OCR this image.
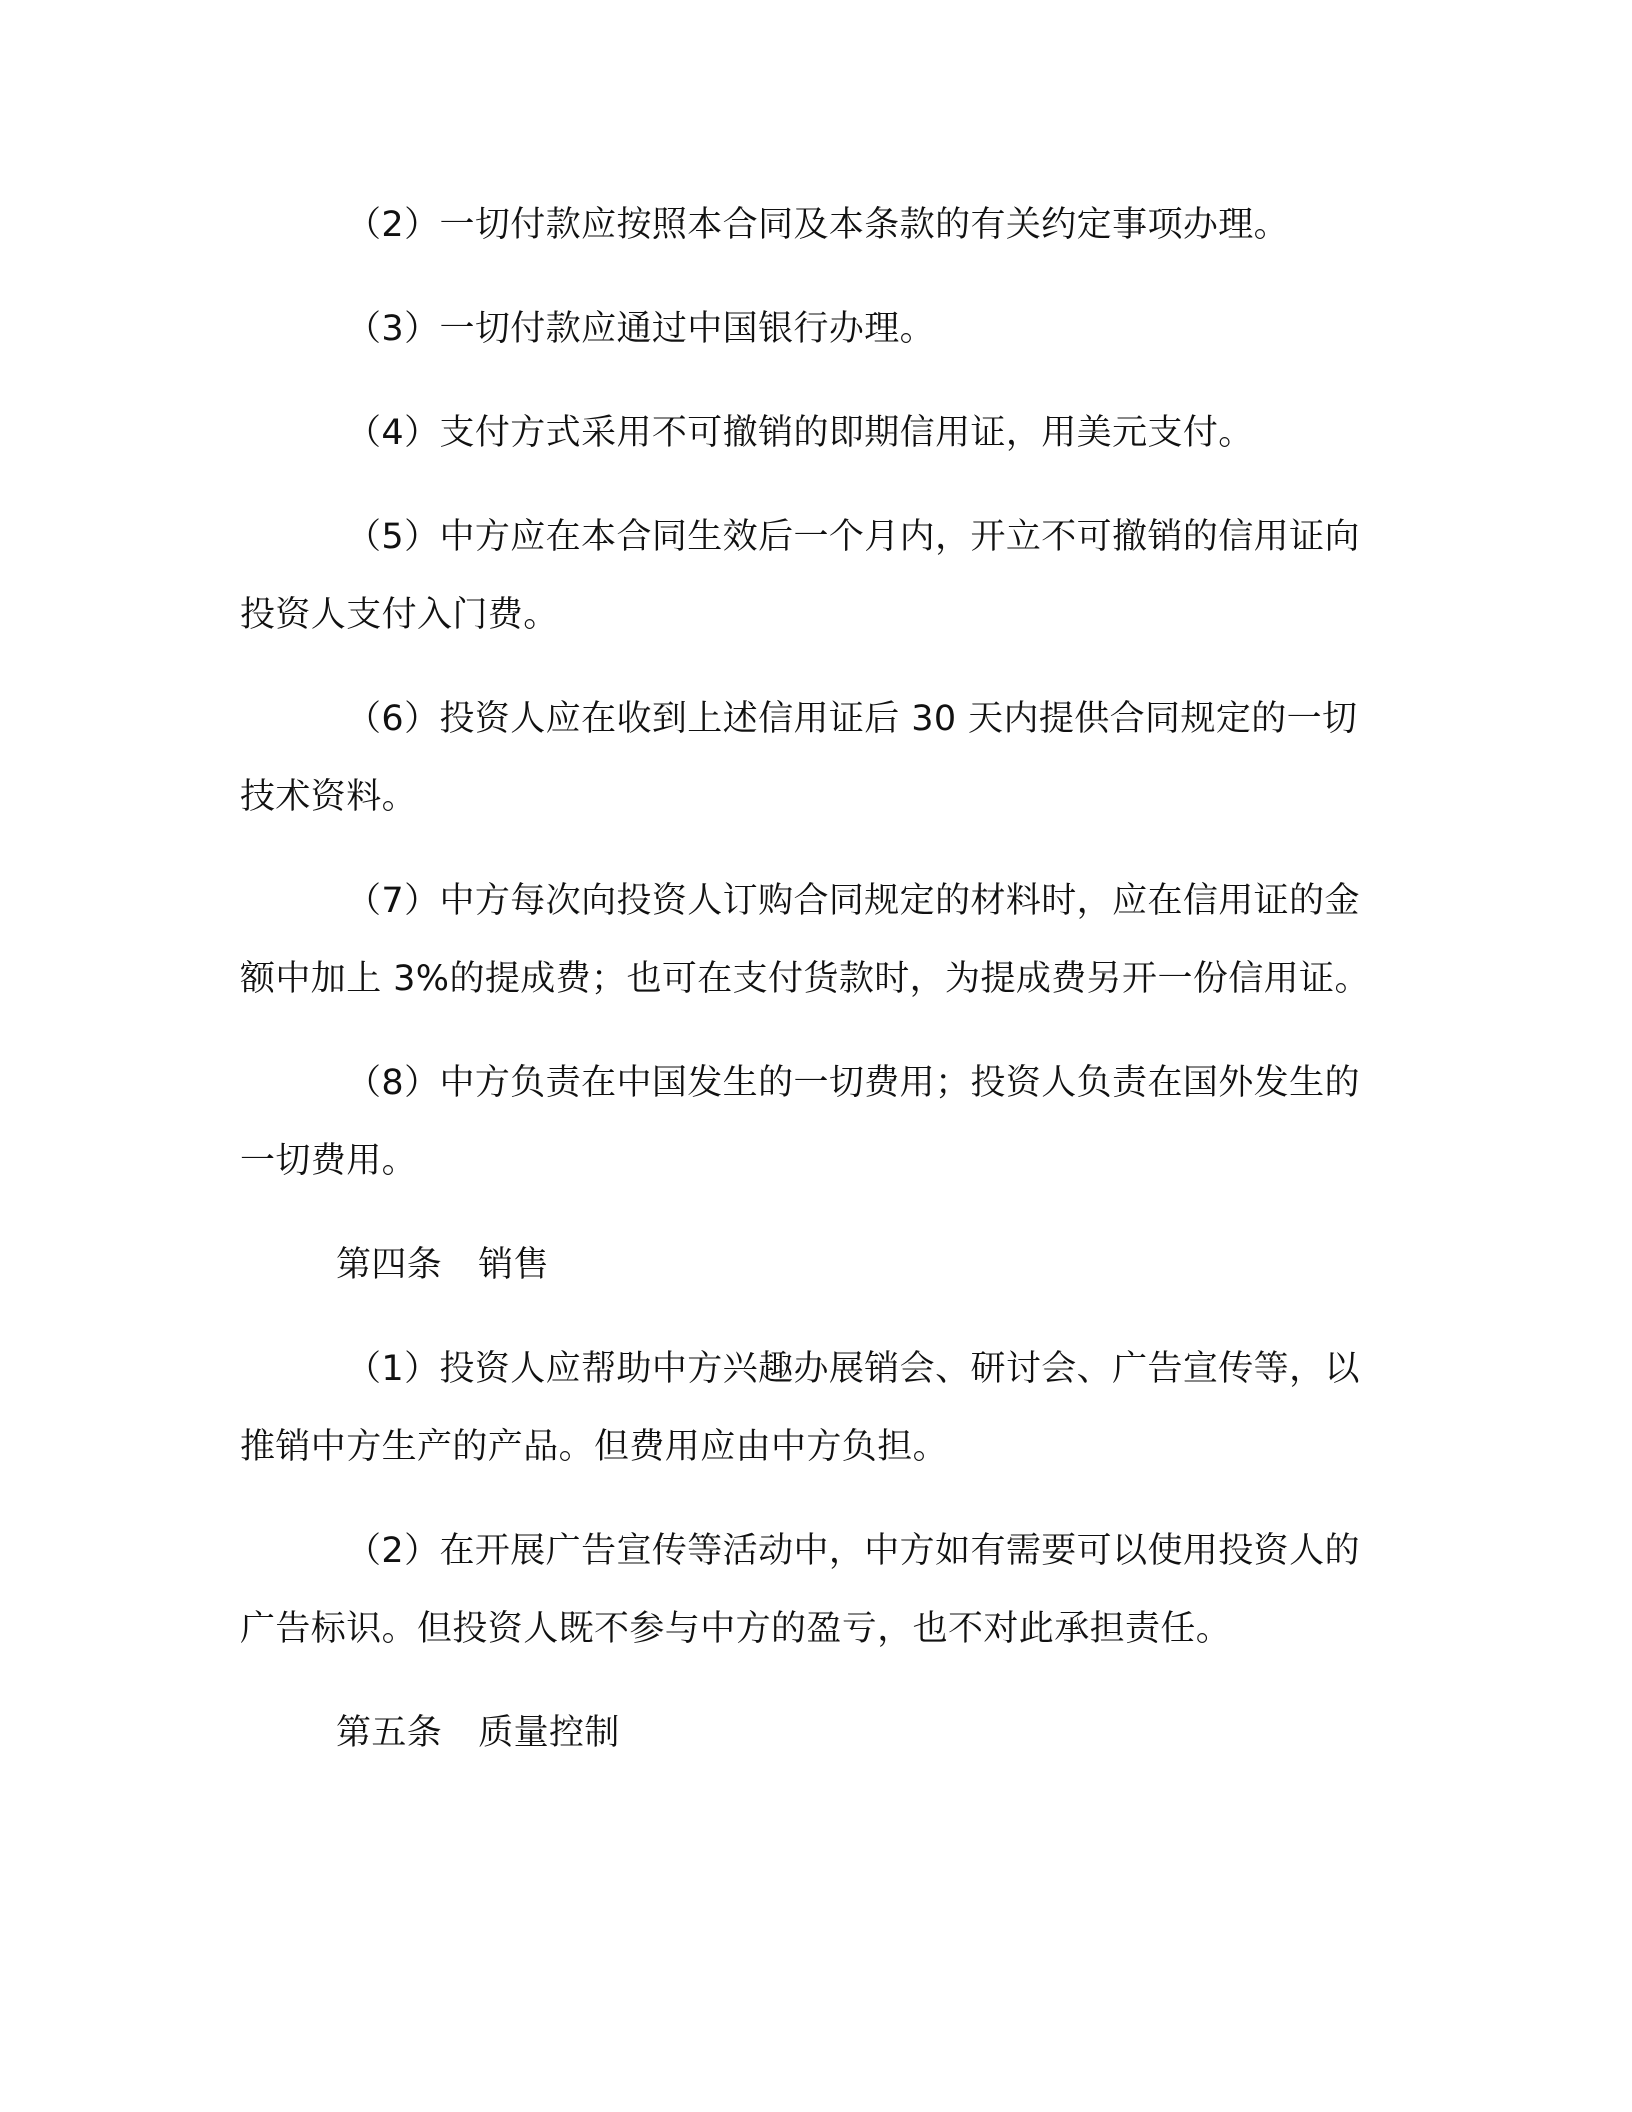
（2）一切付款应按照本合同及本条款的有关约定事项办理。

（3）一切付款应通过中国银行办理。

（4）支付方式采用不可撤销的即期信用证，用美元支付。

（5）中方应在本合同生效后一个月内，开立不可撤销的信用证向投资人支付入门费。

（6）投资人应在收到上述信用证后 30 天内提供合同规定的一切技术资料。

（7）中方每次向投资人订购合同规定的材料时，应在信用证的金额中加上 3%的提成费；也可在支付货款时，为提成费另开一份信用证。

（8）中方负责在中国发生的一切费用；投资人负责在国外发生的一切费用。

第四条 销售

（1）投资人应帮助中方兴趣办展销会、研讨会、广告宣传等，以推销中方生产的产品。但费用应由中方负担。

（2）在开展广告宣传等活动中，中方如有需要可以使用投资人的广告标识。但投资人既不参与中方的盈亏，也不对此承担责任。

第五条 质量控制
